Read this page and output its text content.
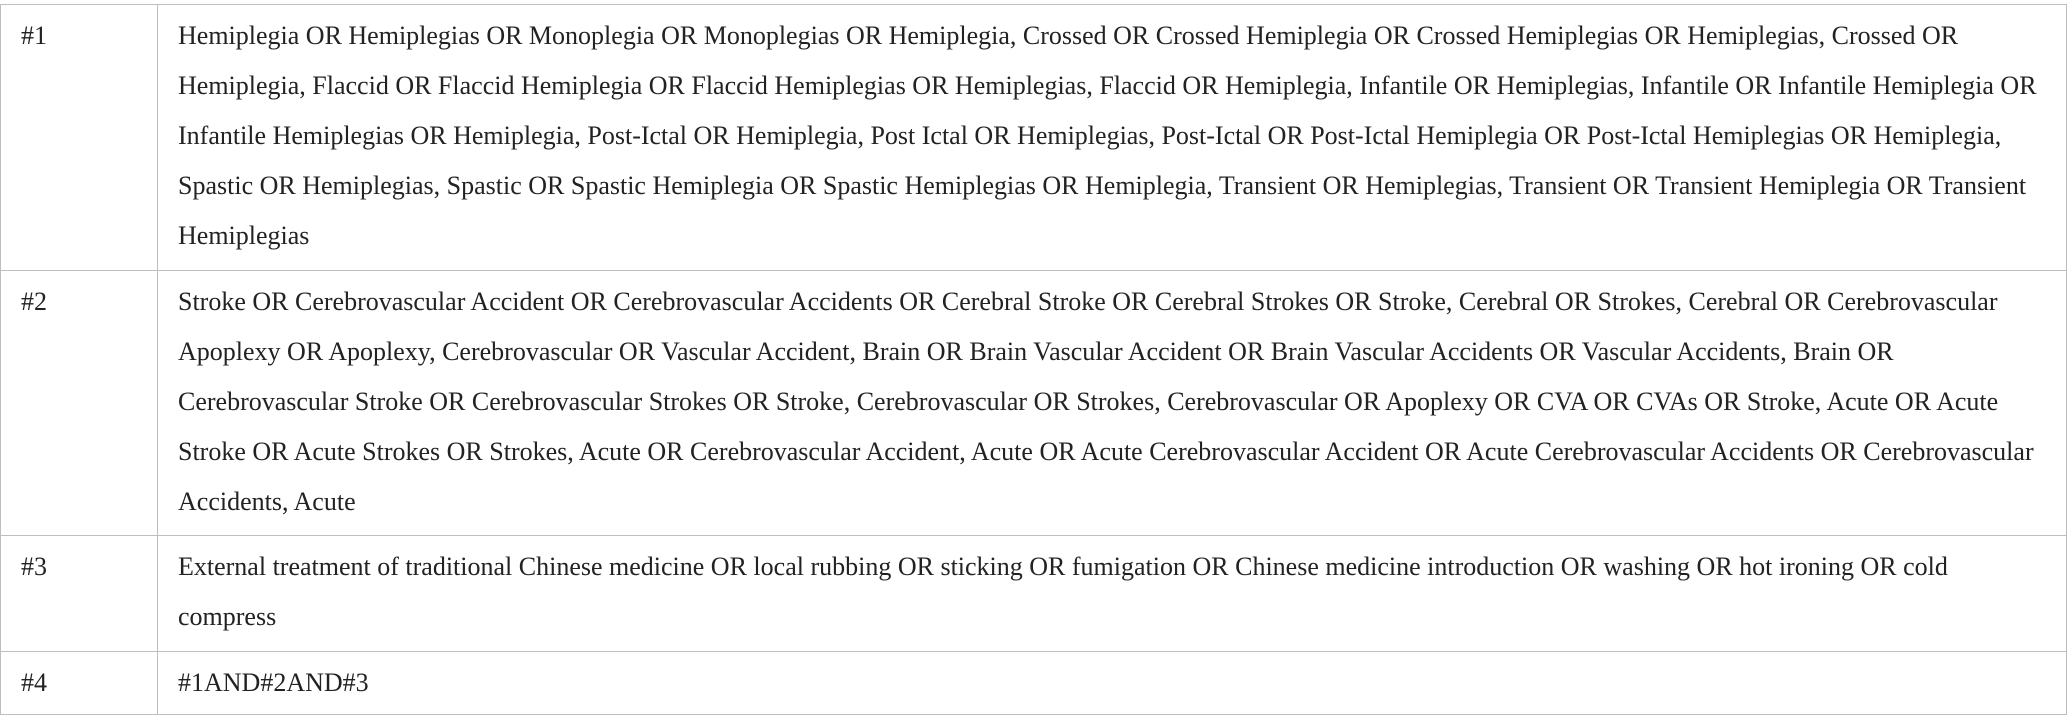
#1	Hemiplegia OR Hemiplegias OR Monoplegia OR Monoplegias OR Hemiplegia, Crossed OR Crossed Hemiplegia OR Crossed Hemiplegias OR Hemiplegias, Crossed OR Hemiplegia, Flaccid OR Flaccid Hemiplegia OR Flaccid Hemiplegias OR Hemiplegias, Flaccid OR Hemiplegia, Infantile OR Hemiplegias, Infantile OR Infantile Hemiplegia OR Infantile Hemiplegias OR Hemiplegia, Post-Ictal OR Hemiplegia, Post Ictal OR Hemiplegias, Post-Ictal OR Post-Ictal Hemiplegia OR Post-Ictal Hemiplegias OR Hemiplegia, Spastic OR Hemiplegias, Spastic OR Spastic Hemiplegia OR Spastic Hemiplegias OR Hemiplegia, Transient OR Hemiplegias, Transient OR Transient Hemiplegia OR Transient Hemiplegias
#2	Stroke OR Cerebrovascular Accident OR Cerebrovascular Accidents OR Cerebral Stroke OR Cerebral Strokes OR Stroke, Cerebral OR Strokes, Cerebral OR Cerebrovascular Apoplexy OR Apoplexy, Cerebrovascular OR Vascular Accident, Brain OR Brain Vascular Accident OR Brain Vascular Accidents OR Vascular Accidents, Brain OR Cerebrovascular Stroke OR Cerebrovascular Strokes OR Stroke, Cerebrovascular OR Strokes, Cerebrovascular OR Apoplexy OR CVA OR CVAs OR Stroke, Acute OR Acute Stroke OR Acute Strokes OR Strokes, Acute OR Cerebrovascular Accident, Acute OR Acute Cerebrovascular Accident OR Acute Cerebrovascular Accidents OR Cerebrovascular Accidents, Acute
#3	External treatment of traditional Chinese medicine OR local rubbing OR sticking OR fumigation OR Chinese medicine introduction OR washing OR hot ironing OR cold compress
#4	#1AND#2AND#3
